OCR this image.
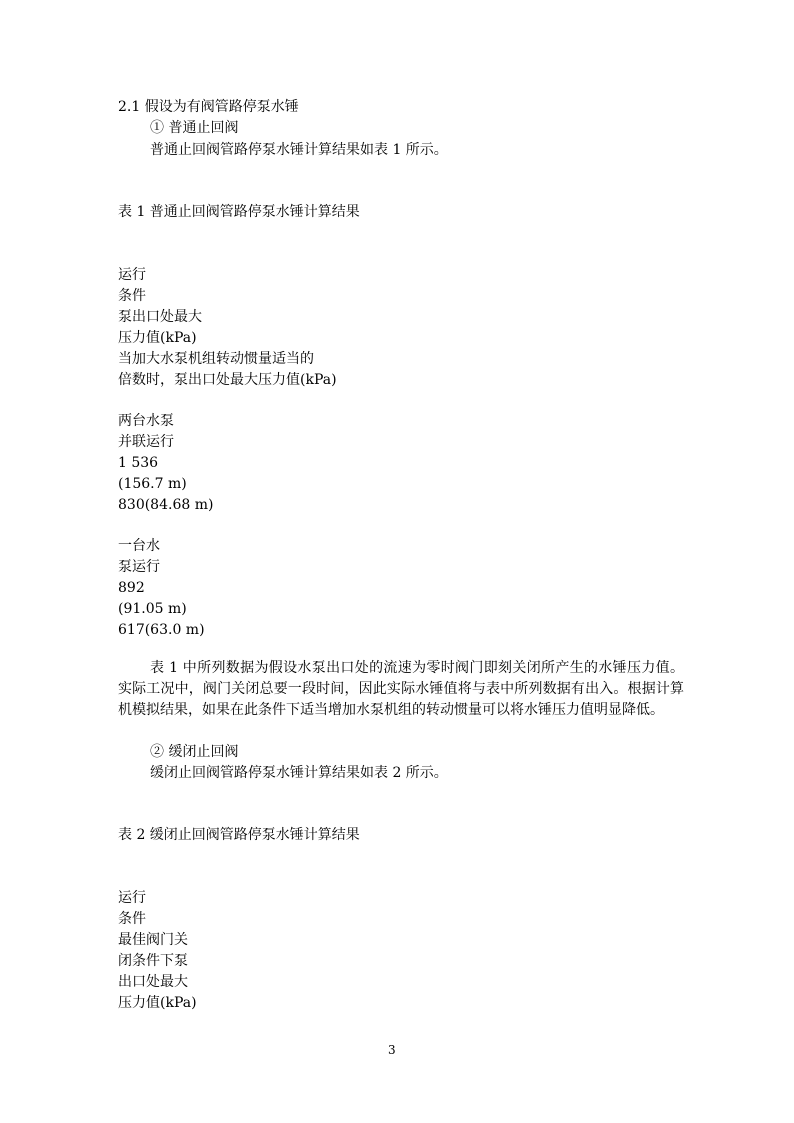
2.1 假设为有阀管路停泵水锤
① 普通止回阀
普通止回阀管路停泵水锤计算结果如表 1 所示。
表 1 普通止回阀管路停泵水锤计算结果
运行
条件
泵出口处最大
压力值(kPa)
当加大水泵机组转动惯量适当的
倍数时，泵出口处最大压力值(kPa)
两台水泵
并联运行
1 536
(156.7 m)
830(84.68 m)
一台水
泵运行
892
(91.05 m)
617(63.0 m)
表 1 中所列数据为假设水泵出口处的流速为零时阀门即刻关闭所产生的水锤压力值。实际工况中，阀门关闭总要一段时间，因此实际水锤值将与表中所列数据有出入。根据计算机模拟结果，如果在此条件下适当增加水泵机组的转动惯量可以将水锤压力值明显降低。
② 缓闭止回阀
缓闭止回阀管路停泵水锤计算结果如表 2 所示。
表 2 缓闭止回阀管路停泵水锤计算结果
运行
条件
最佳阀门关
闭条件下泵
出口处最大
压力值(kPa)
3
